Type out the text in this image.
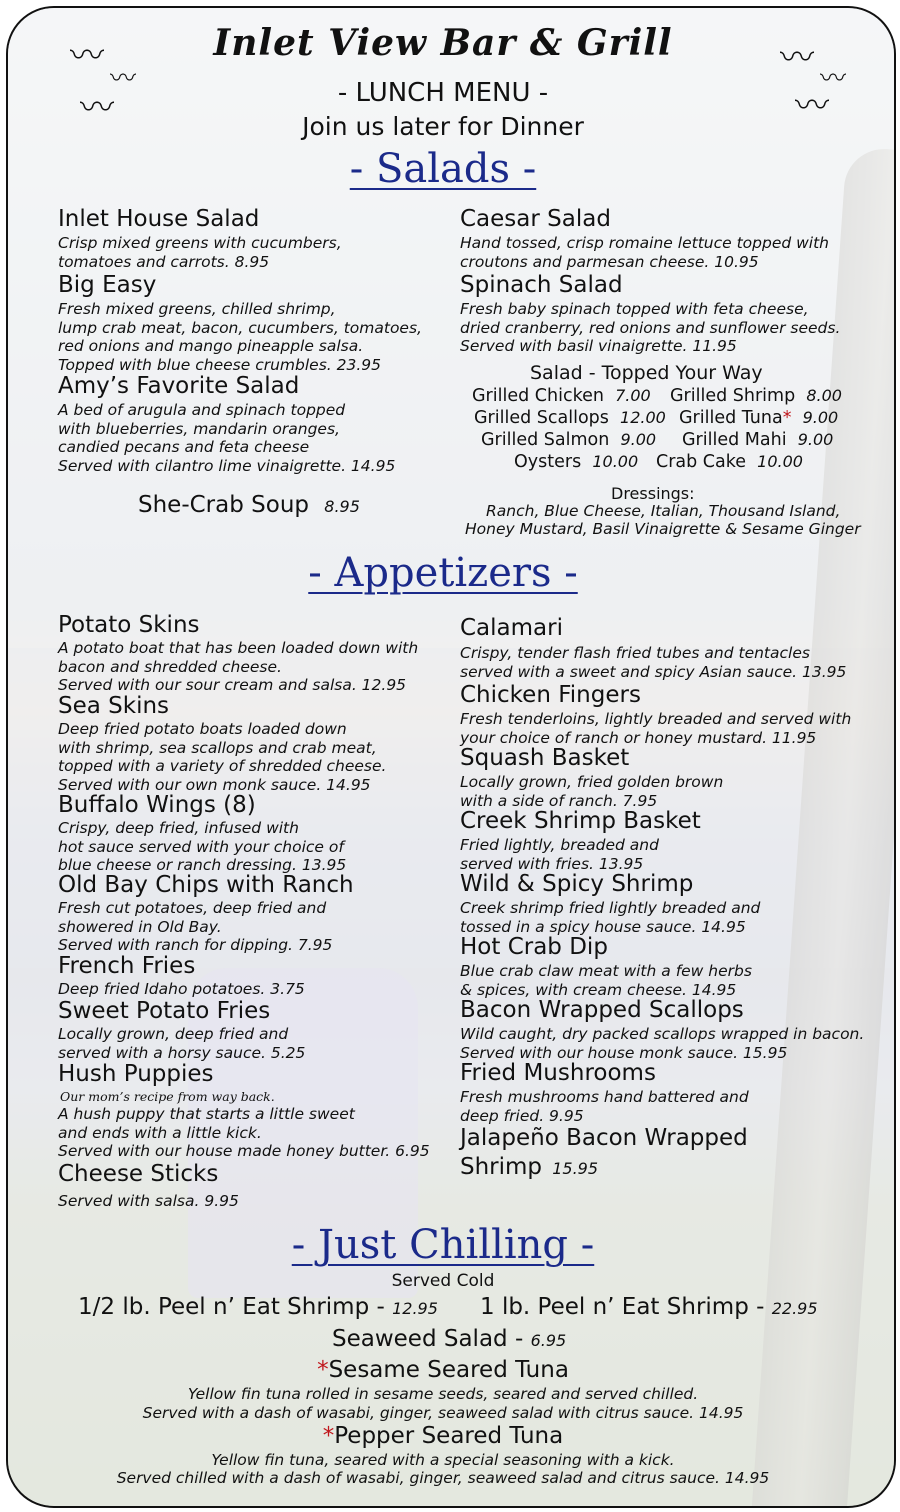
〰
〰
〰
〰
〰
〰
Inlet View Bar & Grill
- LUNCH MENU -
Join us later for Dinner
- Salads -
Inlet House Salad
Crisp mixed greens with cucumbers,
tomatoes and carrots. 8.95
Big Easy
Fresh mixed greens, chilled shrimp,
lump crab meat, bacon, cucumbers, tomatoes,
red onions and mango pineapple salsa.
Topped with blue cheese crumbles. 23.95
Amy’s Favorite Salad
A bed of arugula and spinach topped
with blueberries, mandarin oranges,
candied pecans and feta cheese
Served with cilantro lime vinaigrette. 14.95
She-Crab Soup 8.95
Caesar Salad
Hand tossed, crisp romaine lettuce topped with
croutons and parmesan cheese. 10.95
Spinach Salad
Fresh baby spinach topped with feta cheese,
dried cranberry, red onions and sunflower seeds.
Served with basil vinaigrette. 11.95
Salad - Topped Your Way
Grilled Chicken 7.00 Grilled Shrimp 8.00
Grilled Scallops 12.00 Grilled Tuna* 9.00
Grilled Salmon 9.00 Grilled Mahi 9.00
Oysters 10.00 Crab Cake 10.00
Dressings:
Ranch, Blue Cheese, Italian, Thousand Island,
Honey Mustard, Basil Vinaigrette & Sesame Ginger
- Appetizers -
Potato Skins
A potato boat that has been loaded down with
bacon and shredded cheese.
Served with our sour cream and salsa. 12.95
Sea Skins
Deep fried potato boats loaded down
with shrimp, sea scallops and crab meat,
topped with a variety of shredded cheese.
Served with our own monk sauce. 14.95
Buffalo Wings (8)
Crispy, deep fried, infused with
hot sauce served with your choice of
blue cheese or ranch dressing. 13.95
Old Bay Chips with Ranch
Fresh cut potatoes, deep fried and
showered in Old Bay.
Served with ranch for dipping. 7.95
French Fries
Deep fried Idaho potatoes. 3.75
Sweet Potato Fries
Locally grown, deep fried and
served with a horsy sauce. 5.25
Hush Puppies
Our mom’s recipe from way back.
A hush puppy that starts a little sweet
and ends with a little kick.
Served with our house made honey butter. 6.95
Cheese Sticks
Served with salsa. 9.95
Calamari
Crispy, tender flash fried tubes and tentacles
served with a sweet and spicy Asian sauce. 13.95
Chicken Fingers
Fresh tenderloins, lightly breaded and served with
your choice of ranch or honey mustard. 11.95
Squash Basket
Locally grown, fried golden brown
with a side of ranch. 7.95
Creek Shrimp Basket
Fried lightly, breaded and
served with fries. 13.95
Wild & Spicy Shrimp
Creek shrimp fried lightly breaded and
tossed in a spicy house sauce. 14.95
Hot Crab Dip
Blue crab claw meat with a few herbs
& spices, with cream cheese. 14.95
Bacon Wrapped Scallops
Wild caught, dry packed scallops wrapped in bacon.
Served with our house monk sauce. 15.95
Fried Mushrooms
Fresh mushrooms hand battered and
deep fried. 9.95
Jalapeño Bacon Wrapped
Shrimp 15.95
- Just Chilling -
Served Cold
1/2 lb. Peel n’ Eat Shrimp - 12.95 1 lb. Peel n’ Eat Shrimp - 22.95
Seaweed Salad - 6.95
*Sesame Seared Tuna
Yellow fin tuna rolled in sesame seeds, seared and served chilled.
Served with a dash of wasabi, ginger, seaweed salad with citrus sauce. 14.95
*Pepper Seared Tuna
Yellow fin tuna, seared with a special seasoning with a kick.
Served chilled with a dash of wasabi, ginger, seaweed salad and citrus sauce. 14.95
